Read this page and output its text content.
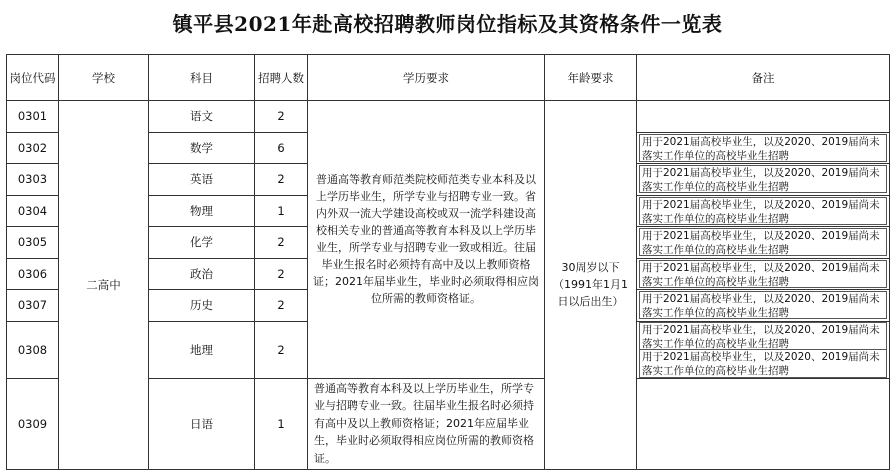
镇平县2021年赴高校招聘教师岗位指标及其资格条件一览表
岗位代码	学校	科目	招聘人数	学历要求	年龄要求	备注
0301	二高中	语文	2	普通高等教育师范类院校师范类专业本科及以上学历毕业生，所学专业与招聘专业一致。省内外双一流大学建设高校或双一流学科建设高校相关专业的普通高等教育本科及以上学历毕业生，所学专业与招聘专业一致或相近。往届毕业生报名时必须持有高中及以上教师资格证；2021年届毕业生，毕业时必须取得相应岗位所需的教师资格证。	30周岁以下（1991年1月1日以后出生）	
0302		数学	6			用于2021届高校毕业生，以及2020、2019届尚未落实工作单位的高校毕业生招聘

0303		英语	2			用于2021届高校毕业生，以及2020、2019届尚未落实工作单位的高校毕业生招聘

0304		物理	1			用于2021届高校毕业生，以及2020、2019届尚未落实工作单位的高校毕业生招聘

0305		化学	2			用于2021届高校毕业生，以及2020、2019届尚未落实工作单位的高校毕业生招聘

0306		政治	2			用于2021届高校毕业生，以及2020、2019届尚未落实工作单位的高校毕业生招聘

0307		历史	2			用于2021届高校毕业生，以及2020、2019届尚未落实工作单位的高校毕业生招聘

0308		地理	2			用于2021届高校毕业生，以及2020、2019届尚未落实工作单位的高校毕业生招聘
用于2021届高校毕业生，以及2020、2019届尚未落实工作单位的高校毕业生招聘

0309		日语	1	普通高等教育本科及以上学历毕业生，所学专业与招聘专业一致。往届毕业生报名时必须持有高中及以上教师资格证；2021年应届毕业生，毕业时必须取得相应岗位所需的教师资格证。		
